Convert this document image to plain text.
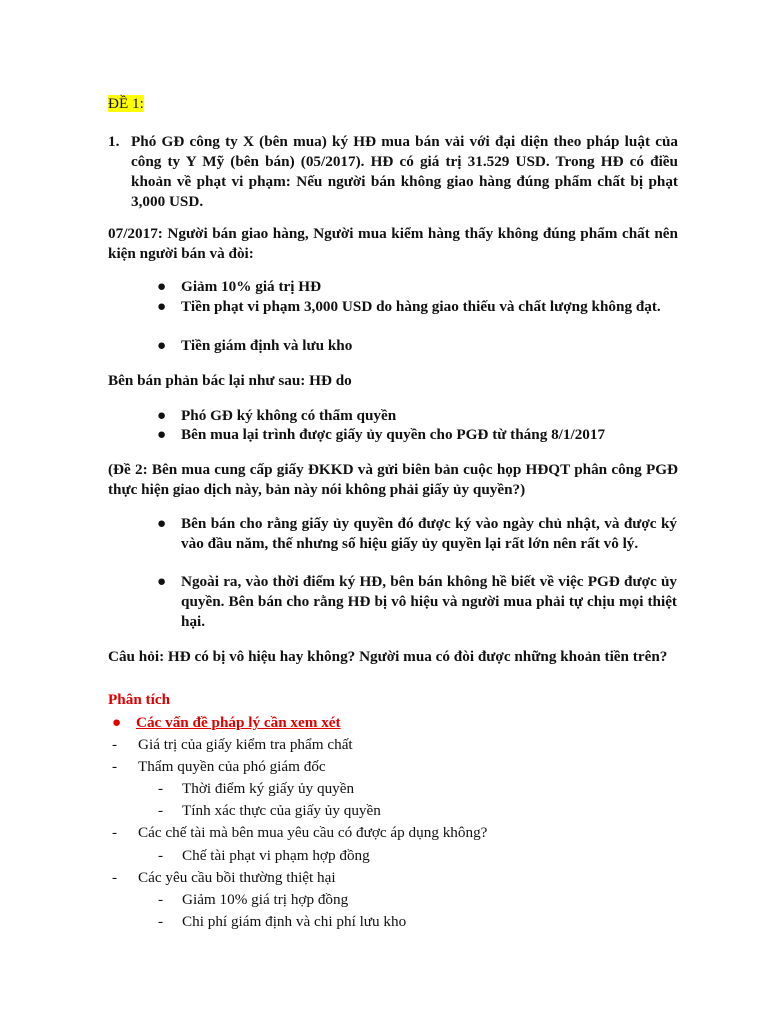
ĐỀ 1:
1. Phó GĐ công ty X (bên mua) ký HĐ mua bán vải với đại diện theo pháp luật của công ty Y Mỹ (bên bán) (05/2017). HĐ có giá trị 31.529 USD. Trong HĐ có điều khoản về phạt vi phạm: Nếu người bán không giao hàng đúng phẩm chất bị phạt 3,000 USD.
07/2017: Người bán giao hàng, Người mua kiểm hàng thấy không đúng phẩm chất nên kiện người bán và đòi:
● Giảm 10% giá trị HĐ
● Tiền phạt vi phạm 3,000 USD do hàng giao thiếu và chất lượng không đạt.
● Tiền giám định và lưu kho
Bên bán phản bác lại như sau: HĐ do
● Phó GĐ ký không có thẩm quyền
● Bên mua lại trình được giấy ủy quyền cho PGĐ từ tháng 8/1/2017
(Đề 2: Bên mua cung cấp giấy ĐKKD và gửi biên bản cuộc họp HĐQT phân công PGĐ thực hiện giao dịch này, bản này nói không phải giấy ủy quyền?)
● Bên bán cho rằng giấy ủy quyền đó được ký vào ngày chủ nhật, và được ký vào đầu năm, thế nhưng số hiệu giấy ủy quyền lại rất lớn nên rất vô lý.
● Ngoài ra, vào thời điểm ký HĐ, bên bán không hề biết về việc PGĐ được ủy quyền. Bên bán cho rằng HĐ bị vô hiệu và người mua phải tự chịu mọi thiệt hại.
Câu hỏi: HĐ có bị vô hiệu hay không? Người mua có đòi được những khoản tiền trên?
Phân tích
● Các vấn đề pháp lý cần xem xét
- Giá trị của giấy kiểm tra phẩm chất
- Thẩm quyền của phó giám đốc
- Thời điểm ký giấy ủy quyền
- Tính xác thực của giấy ủy quyền
- Các chế tài mà bên mua yêu cầu có được áp dụng không?
- Chế tài phạt vi phạm hợp đồng
- Các yêu cầu bồi thường thiệt hại
- Giảm 10% giá trị hợp đồng
- Chi phí giám định và chi phí lưu kho
